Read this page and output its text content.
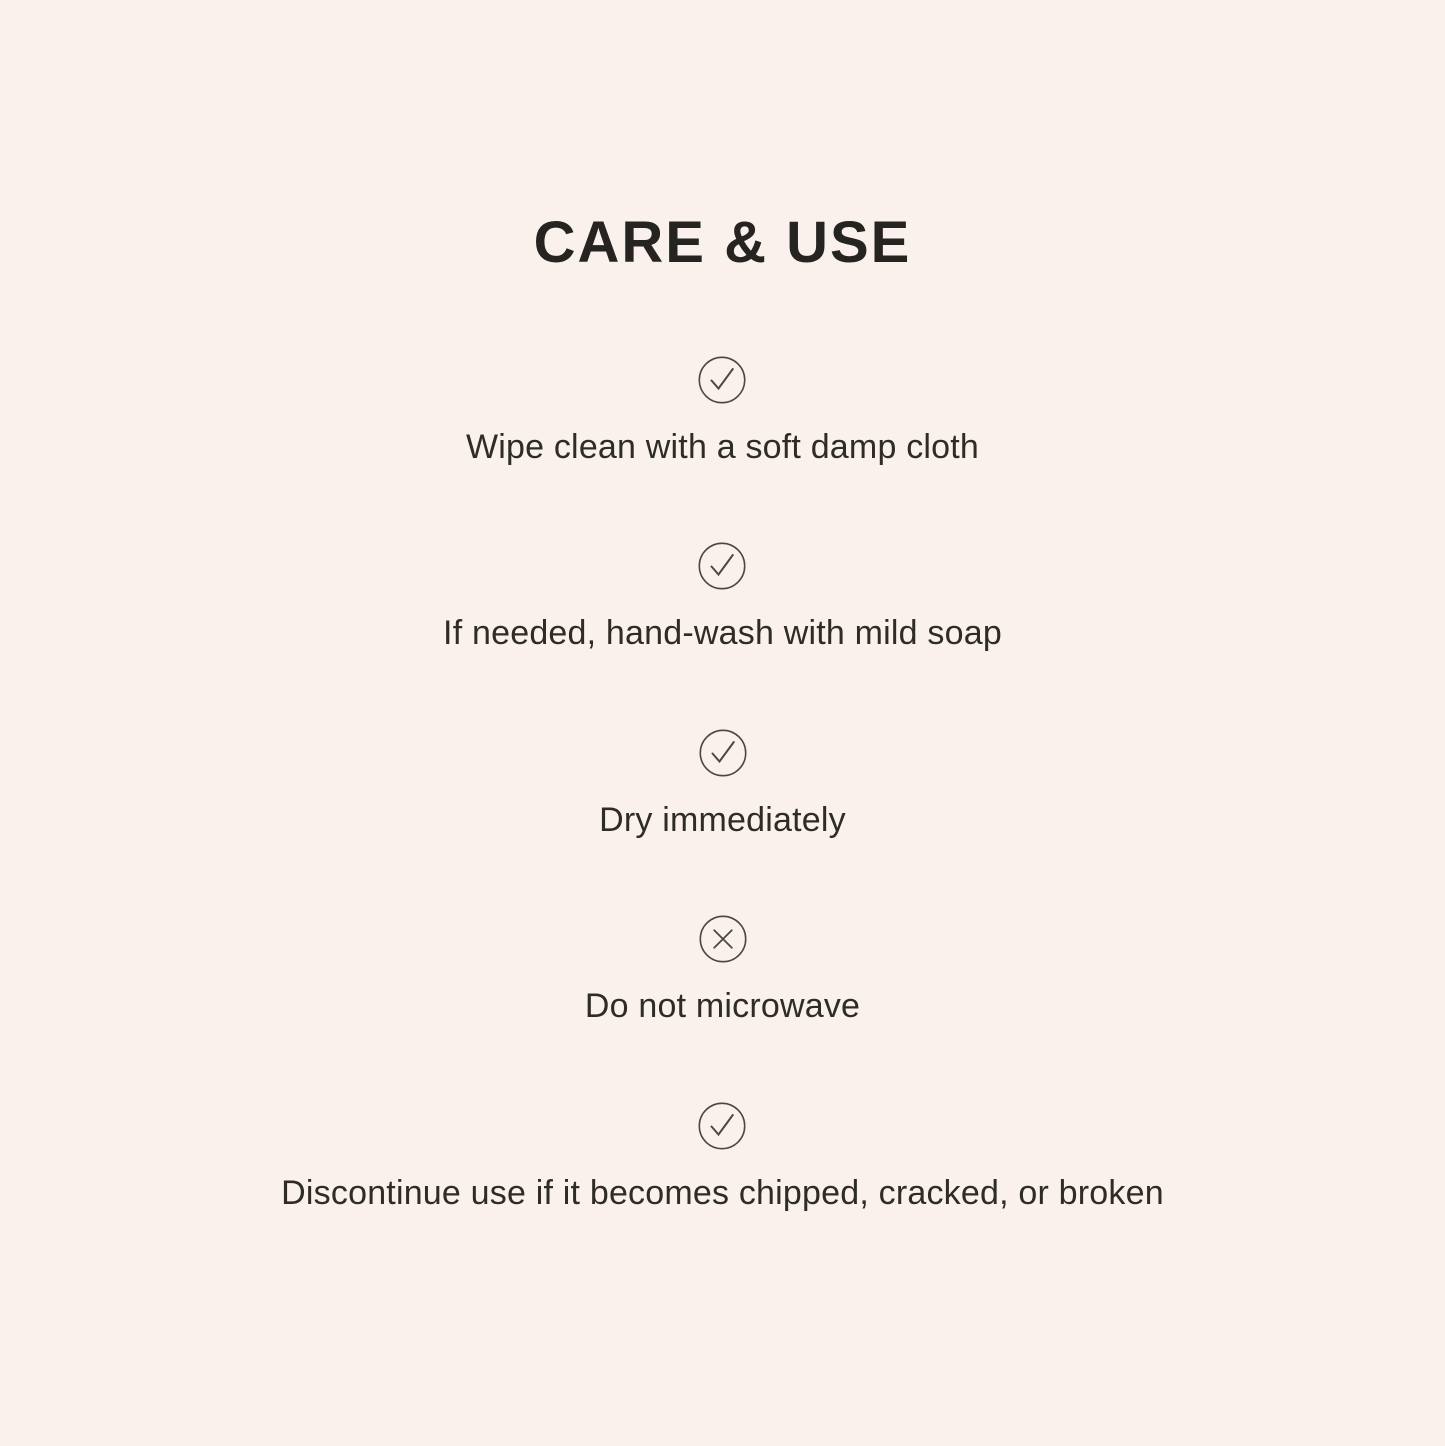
CARE & USE

Wipe clean with a soft damp cloth

If needed, hand-wash with mild soap

Dry immediately

Do not microwave

Discontinue use if it becomes chipped, cracked, or broken
